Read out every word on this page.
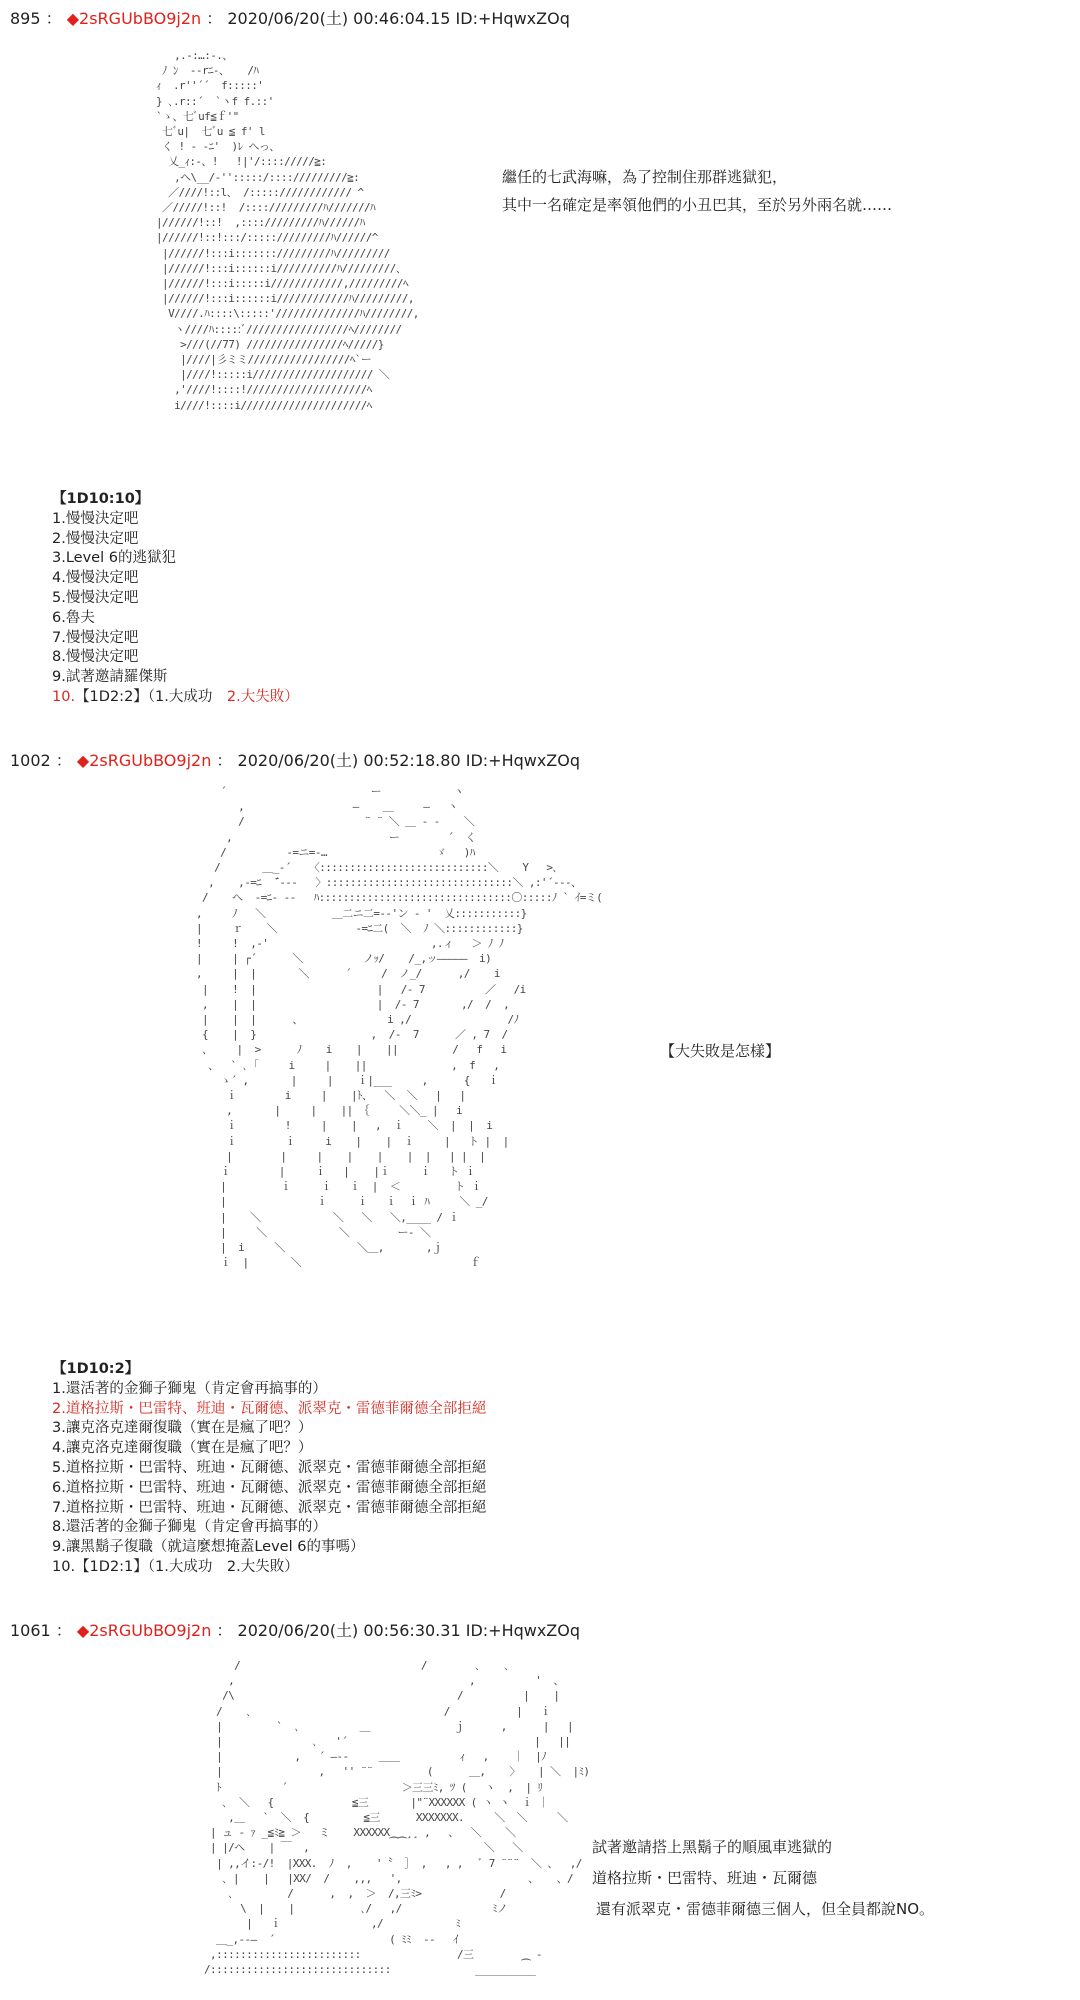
895 ： ◆2sRGUbBO9j2n ： 2020/06/20(土) 00:46:04.15 ID:+HqwxZOq
,.-:…:-.、
ﾉ ﾝ  -‐rﾆ-、   /ﾊ
ｨ  .r''´´  f:::::'
} ､.r::´  `ヽf f.::'
`ゝ、七ﾞuf≦ｆ'"
七ﾞu|  七ﾞu ≦ f' l
く ! ‐ -ﾆ'  )ﾚ へっ、
乂_ｨ:-、!   !|'/:::://///≧:
,ヘ\__/‐'':::::/:::://///////≧:
／////!::l、 /::::://////////// ^
／/////!::!  /:::://///////ﾊ///////ﾊ
|//////!::!  ,:::://///////ﾊ//////ﾊ
|//////!::!:::/::::://///////ﾊ//////^
|//////!:::i::::::://///////ﾊ/////////
|//////!:::i::::::i//////////ﾊ/////////、
|//////!:::i:::::i////////////,/////////ﾍ
|//////!:::i::::::i////////////ﾊ/////////,
V////.ﾊ::::\:::::'//////////////ﾊ////////,
ヽ////ﾊ:::::ﾞ/////////////////ﾍ////////
>///(//77) ////////////////ﾍ/////}
|////|彡ミミ/////////////////ﾍ`ー
|////!:::::i//////////////////// ＼
,'////!::::!////////////////////ﾍ
i////!::::i/////////////////////ﾍ
繼任的七武海嘛，為了控制住那群逃獄犯，
其中一名確定是率領他們的小丑巴其，至於另外兩名就……
【1D10:10】
1.慢慢決定吧
2.慢慢決定吧
3.Level 6的逃獄犯
4.慢慢決定吧
5.慢慢決定吧
6.魯夫
7.慢慢決定吧
8.慢慢決定吧
9.試著邀請羅傑斯
10.【1D2:2】（1.大成功　 2.大失敗）
1002 ： ◆2sRGUbBO9j2n ： 2020/06/20(土) 00:52:18.80 ID:+HqwxZOq
´                        ー            ヽ
,                  ―    ＿     ―   ヽ
/                    ¨ ¨ ＼ ＿ ‐ ‐    ＼
,                          ー        ´  く
/          -=ニ=-…                  ゞ   )ﾊ
/       ＿_-´   〈::::::::::::::::::::::::::::＼    Y   >､
,    ,-=ﾆ  ̄´-‐-   〉:::::::::::::::::::::::::::::::＼ ,:'´--‐、
/    へ  -=ﾆ- --   ﾊ::::::::::::::::::::::::::::::::〇:::::ﾉ ` ｲ=ミ(
,     ﾉ   ＼           ＿二ニ二=-‐'ン ‐ '  乂:::::::::::}
|     ｒ    ＼             -=ﾆ二(  ＼  ﾉ ＼::::::::::::}
!     !  ,-'                           ,.ィ   ＞ ﾉ ﾉ
|     | ┌´      ＼          ノｯ/    /_,ッ―――――  i)
,     |  |       ＼      ´     /  ノ_/      ,/    i
|    !  |                    |   /‐ 7          ／   /i
,    |  |                    |  /‐ 7       ,/  /  ,
|    |  |      、              i ,/                /ﾉ
{    |  }                   ,  /‐  7      ／ , 7  /
、    |  >      ﾉ    i    |    ||         /   f   i
、  ` ､ ｢     i     |    ||              ,  f   ,
ゝ´ ,       |     |    ｉ|___     ,      {   ｉ
ｉ        i     |    |ﾄ、  ＼  ＼   |   |
,       |     |    || ｛     ＼＼_ |   i
ｉ        !     |    |   ,  ｉ    ＼  |  |  i
ｉ        ｉ     i    |    |  ｉ     |   ト |  |
|        |     |    |    |    |  |   | |  |
ｉ        |     ｉ   |    |ｉ     ｉ   ト ｉ
|         ｉ     ｉ   ｉ  |  ＜         ト ｉ
|               ｉ     ｉ   ｉ  ｉ ﾊ     ＼ _/
|    ＼            ＼   ＼   ＼,____ / ｉ
|     ＼            ＼        ー- ＼
|  i     ＼            ＼＿,       ,ｊ
ｉ  |       ＼                            ｆ
【大失敗是怎樣】
【1D10:2】
1.還活著的金獅子獅鬼（肯定會再搞事的）
2.道格拉斯・巴雷特、班迪・瓦爾德、派翠克・雷德菲爾德全部拒絕
3.讓克洛克達爾復職（實在是瘋了吧？）
4.讓克洛克達爾復職（實在是瘋了吧？）
5.道格拉斯・巴雷特、班迪・瓦爾德、派翠克・雷德菲爾德全部拒絕
6.道格拉斯・巴雷特、班迪・瓦爾德、派翠克・雷德菲爾德全部拒絕
7.道格拉斯・巴雷特、班迪・瓦爾德、派翠克・雷德菲爾德全部拒絕
8.還活著的金獅子獅鬼（肯定會再搞事的）
9.讓黑鬍子復職（就這麼想掩蓋Level 6的事嗎）
10.【1D2:1】（1.大成功　2.大失敗）
1061 ： ◆2sRGUbBO9j2n ： 2020/06/20(土) 00:56:30.31 ID:+HqwxZOq
/                              /        ､    ､
,                                       ,          '  、
/\                                     /          |    |
/    ､                                /           |   ｉ
|         `  ､          ＿              ｊ      ,      |   |
|               ､   '´                               |   ||
|            ,   ´ ―--     ＿＿          ｨ   ,    ｜  |ﾉ
|                ,   '' ¨¨         (      ＿,    〉   | ＼  |ﾐ)
ﾄ          ´                   ＞三三ﾐ, ﾂ (   ヽ  ,  | ﾘ
､  ＼   {             ≦三       |"¨XXXXXX ( ヽ ヽ  ｉ ｜
,＿   `  ＼  {         ≦三      XXXXXXX.     ＼  ＼     ＼
| ュ ‐ ｧ _≦ﾐ≧ ＞   ミ    XXXXXX⁔⁔¸¸ ,   、  ＼    ＼
| |/ヘ    | ￣  ,                             ＼   ＼
| ,,イ:‐/!  |XXX.  ﾉ  ,    '〝  ］ ,   , ,   ﾞ 7 ¨¨¨  ＼ 、  ,/
､ |    |   |XX/  /    ,,,   ',                     、   、/
､         /      ,  ,  ＞  /,三ﾐ>             /
\  |    |           ､/   ,/               ﾐノ
|   ｉ               ,/            ﾐ
＿_,--―  ´                   ( ﾐﾐ  ‐‐   ｲ
,::::::::::::::::::::::::                /三        ⁔ ‐
/::::::::::::::::::::::::::::::              __________
試著邀請搭上黑鬍子的順風車逃獄的
道格拉斯・巴雷特、班迪・瓦爾德
還有派翠克・雷德菲爾德三個人，但全員都說NO。
